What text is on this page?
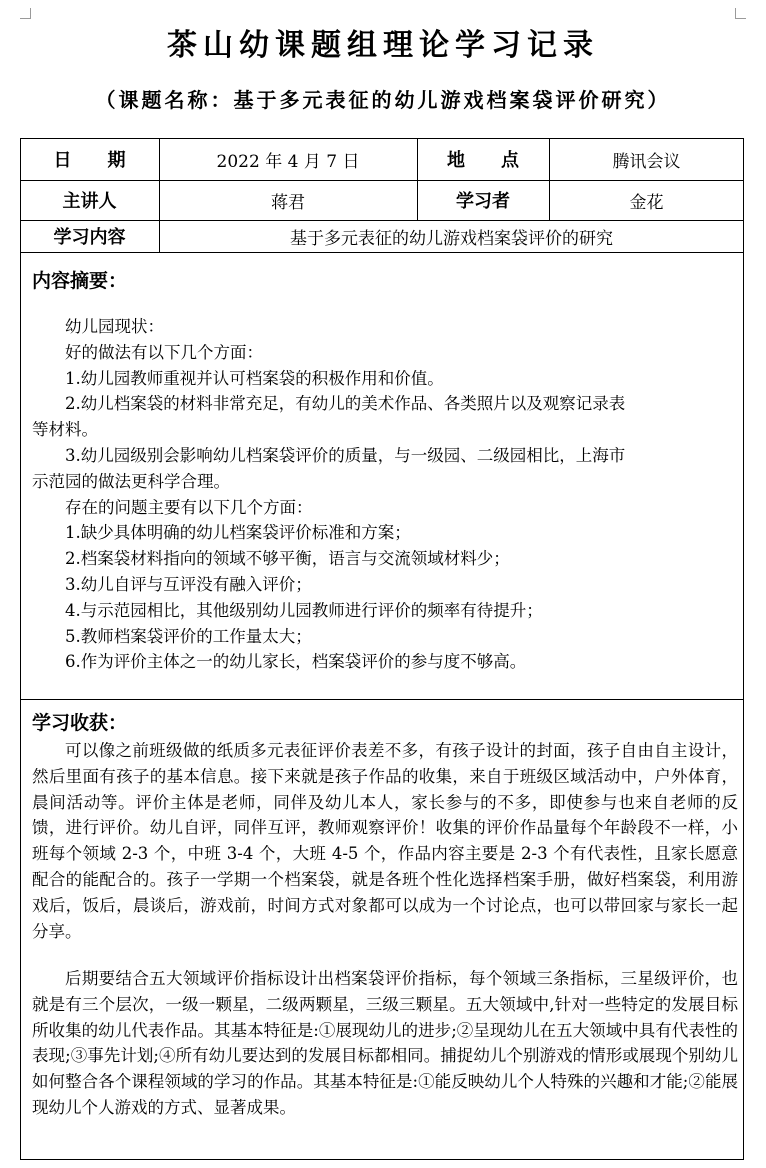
茶山幼课题组理论学习记录
（课题名称：基于多元表征的幼儿游戏档案袋评价研究）
日　　期	2022 年 4 月 7 日	地　　点	腾讯会议
主讲人	蒋君	学习者	金花
学习内容	基于多元表征的幼儿游戏档案袋评价的研究
内容摘要：
幼儿园现状：
好的做法有以下几个方面：
1.幼儿园教师重视并认可档案袋的积极作用和价值。
2.幼儿档案袋的材料非常充足，有幼儿的美术作品、各类照片以及观察记录表
等材料。
3.幼儿园级别会影响幼儿档案袋评价的质量，与一级园、二级园相比，上海市
示范园的做法更科学合理。
存在的问题主要有以下几个方面：
1.缺少具体明确的幼儿档案袋评价标准和方案；
2.档案袋材料指向的领域不够平衡，语言与交流领域材料少；
3.幼儿自评与互评没有融入评价；
4.与示范园相比，其他级别幼儿园教师进行评价的频率有待提升；
5.教师档案袋评价的工作量太大；
6.作为评价主体之一的幼儿家长，档案袋评价的参与度不够高。
学习收获：

可以像之前班级做的纸质多元表征评价表差不多，有孩子设计的封面，孩子自由自主设计，然后里面有孩子的基本信息。接下来就是孩子作品的收集，来自于班级区域活动中，户外体育，晨间活动等。评价主体是老师，同伴及幼儿本人，家长参与的不多，即使参与也来自老师的反馈，进行评价。幼儿自评，同伴互评，教师观察评价！收集的评价作品量每个年龄段不一样，小班每个领域 2-3 个，中班 3-4 个，大班 4-5 个，作品内容主要是 2-3 个有代表性，且家长愿意配合的能配合的。孩子一学期一个档案袋，就是各班个性化选择档案手册，做好档案袋，利用游戏后，饭后，晨谈后，游戏前，时间方式对象都可以成为一个讨论点，也可以带回家与家长一起分享。

后期要结合五大领域评价指标设计出档案袋评价指标，每个领域三条指标，三星级评价，也就是有三个层次，一级一颗星，二级两颗星，三级三颗星。五大领域中,针对一些特定的发展目标所收集的幼儿代表作品。其基本特征是:①展现幼儿的进步;②呈现幼儿在五大领域中具有代表性的表现;③事先计划;④所有幼儿要达到的发展目标都相同。捕捉幼儿个别游戏的情形或展现个别幼儿如何整合各个课程领域的学习的作品。其基本特征是:①能反映幼儿个人特殊的兴趣和才能;②能展现幼儿个人游戏的方式、显著成果。
